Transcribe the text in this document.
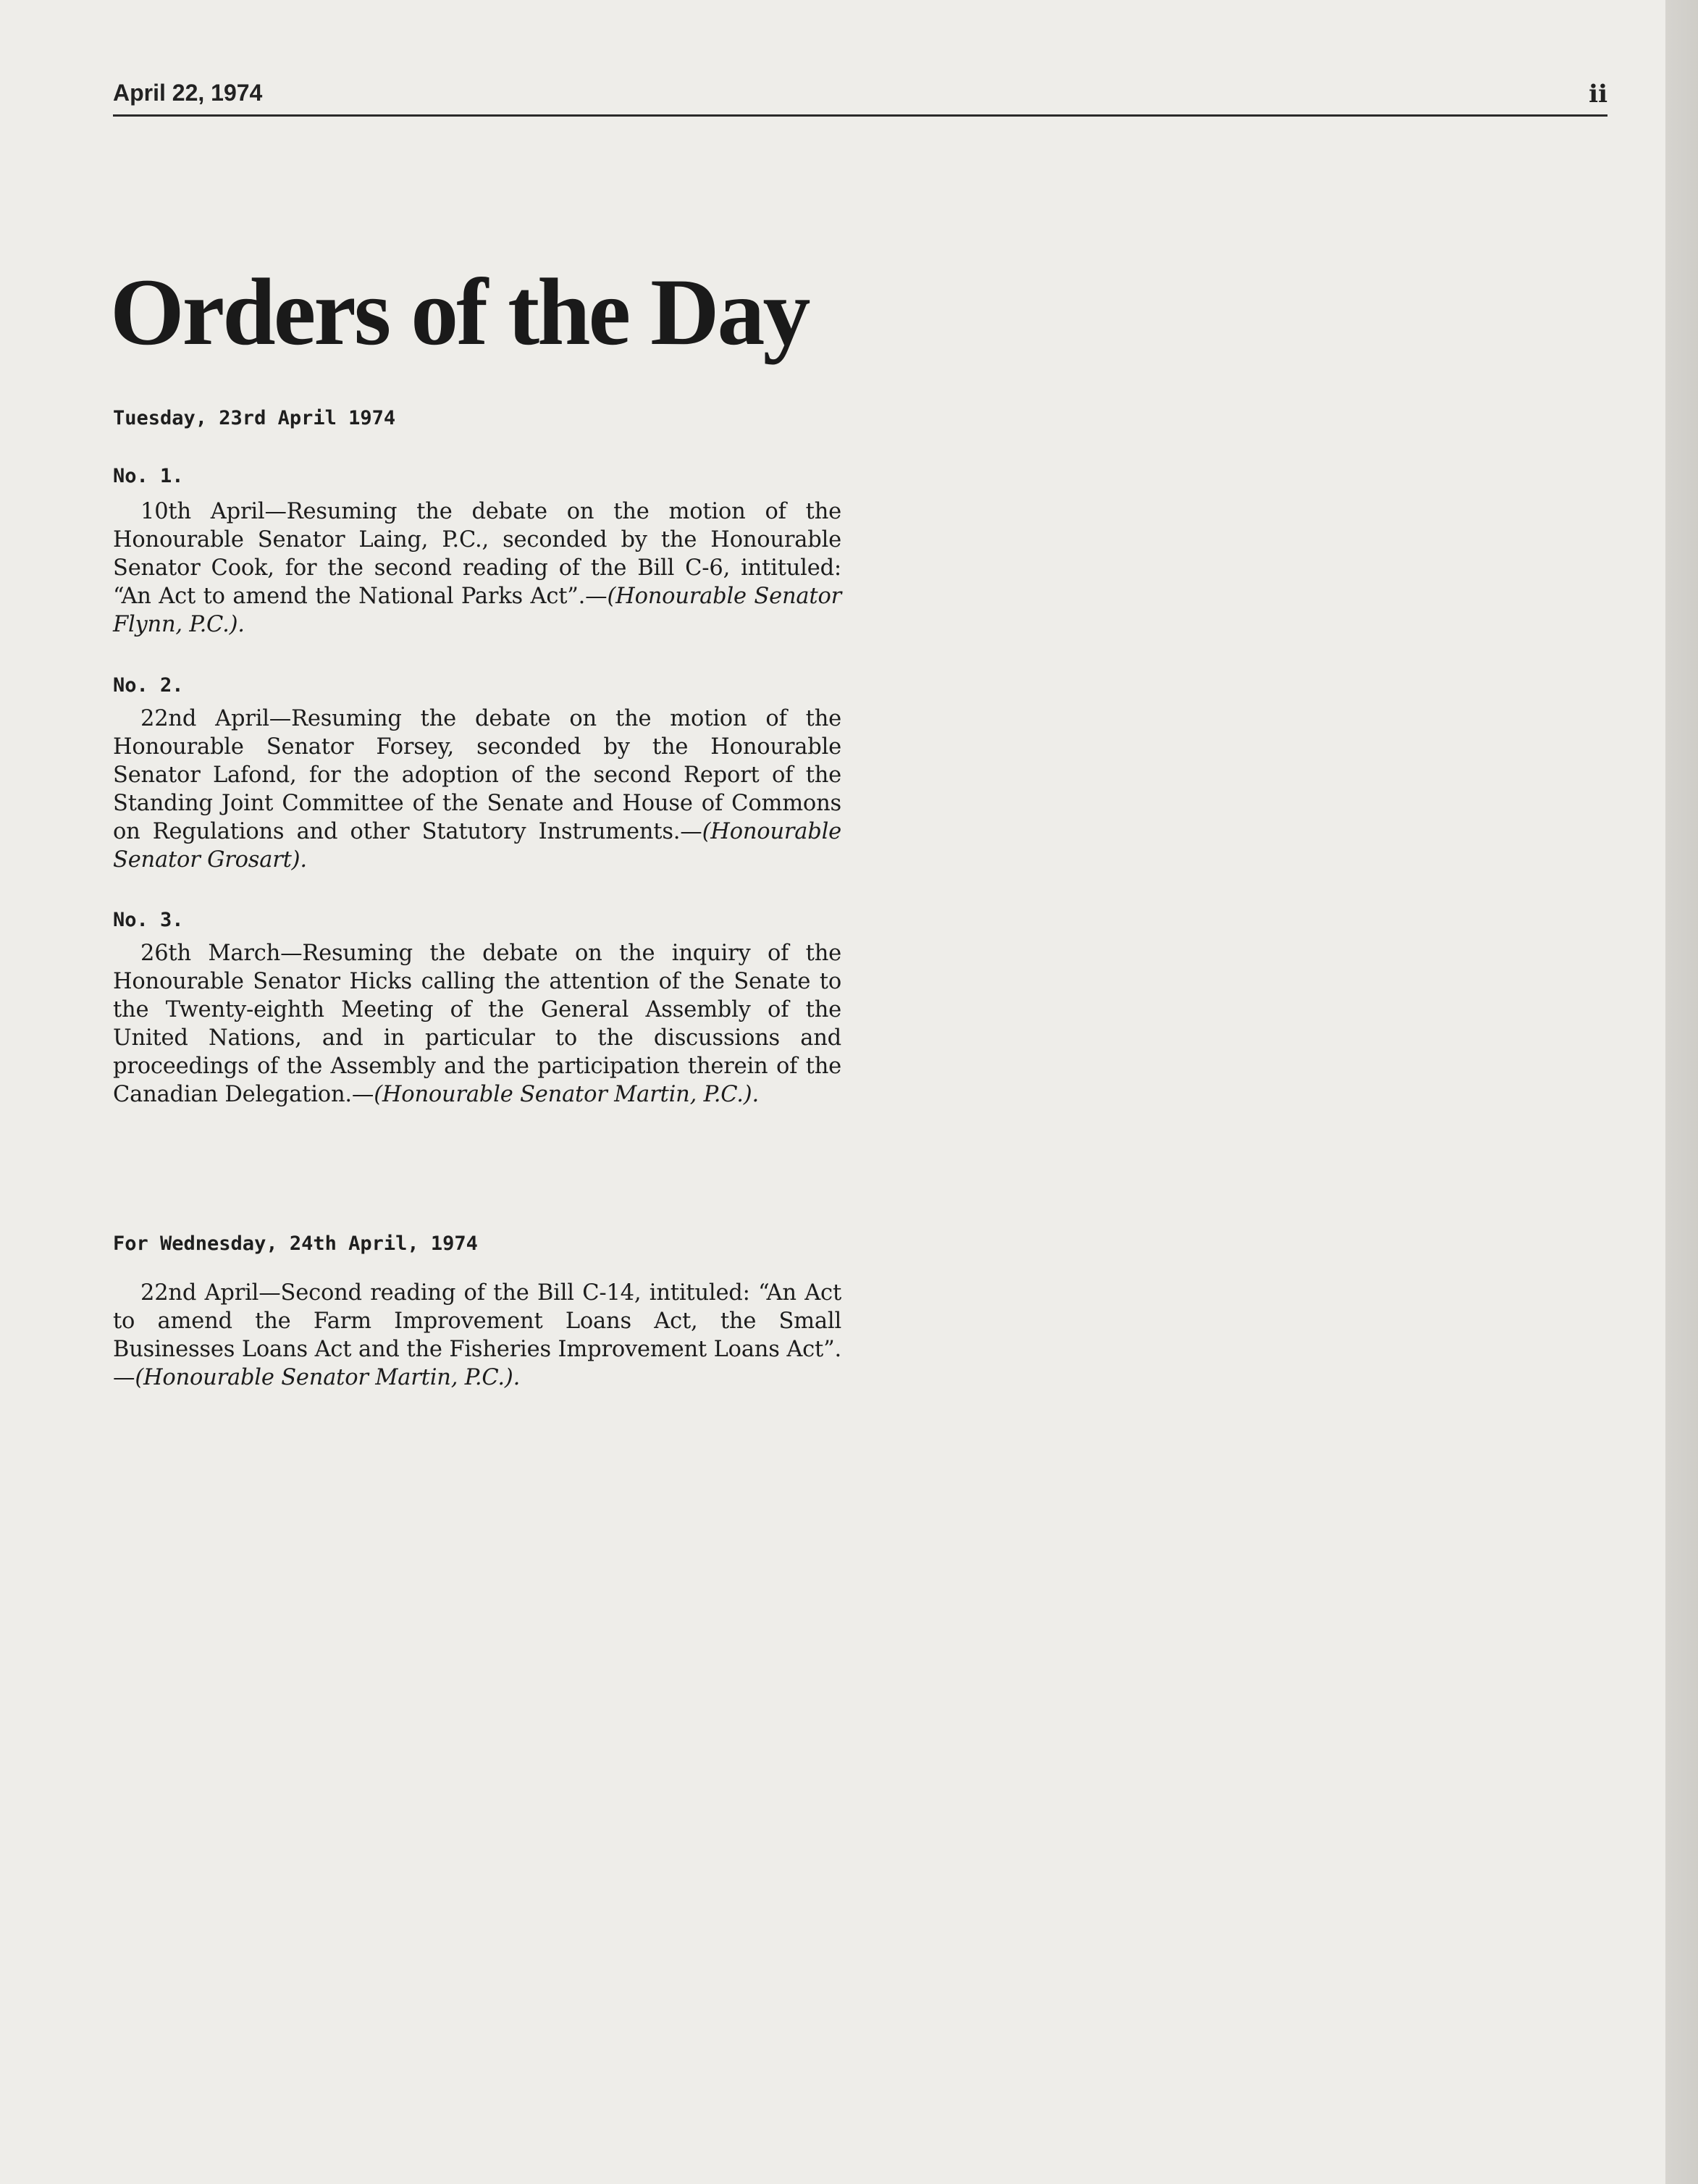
April 22, 1974	ii
Orders of the Day

Tuesday, 23rd April 1974

No. 1.

10th April—Resuming the debate on the motion of the Honourable Senator Laing, P.C., seconded by the Honourable Senator Cook, for the second reading of the Bill C-6, intituled: “An Act to amend the National Parks Act”.—(Honourable Senator Flynn, P.C.).

No. 2.

22nd April—Resuming the debate on the motion of the Honourable Senator Forsey, seconded by the Honourable Senator Lafond, for the adoption of the second Report of the Standing Joint Committee of the Senate and House of Commons on Regulations and other Statutory Instruments.—(Honourable Senator Grosart).

No. 3.

26th March—Resuming the debate on the inquiry of the Honourable Senator Hicks calling the attention of the Senate to the Twenty-eighth Meeting of the General Assembly of the United Nations, and in particular to the discussions and proceedings of the Assembly and the participation therein of the Canadian Delegation.—(Honourable Senator Martin, P.C.).

For Wednesday, 24th April, 1974

22nd April—Second reading of the Bill C-14, intituled: “An Act to amend the Farm Improvement Loans Act, the Small Businesses Loans Act and the Fisheries Improvement Loans Act”.—(Honourable Senator Martin, P.C.).
